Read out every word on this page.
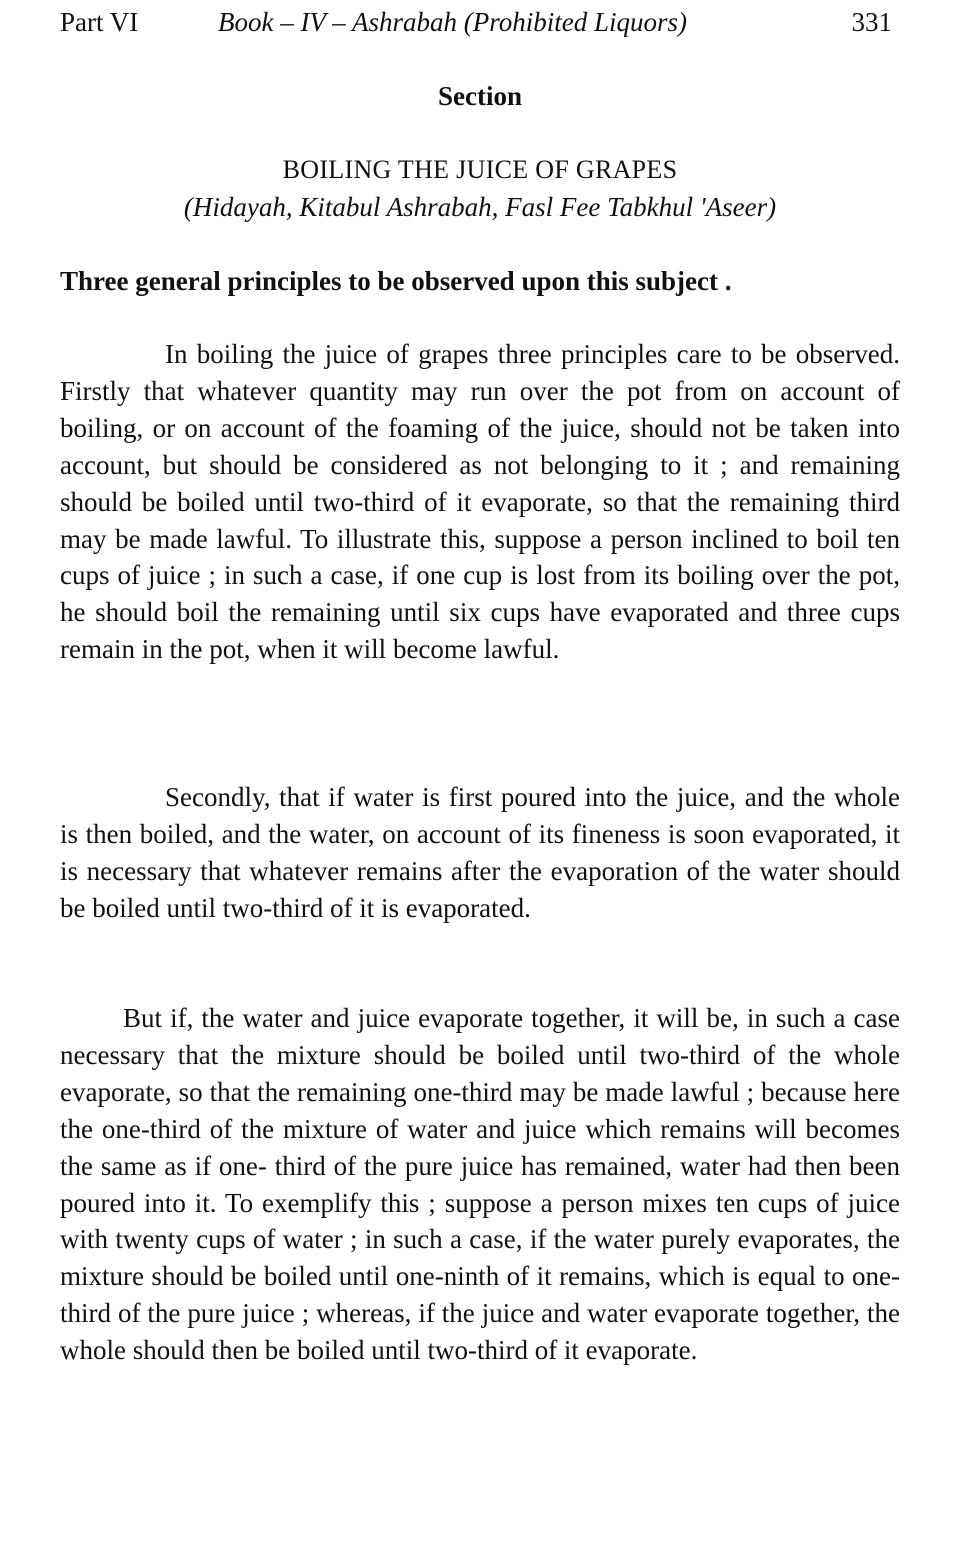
Part VI	Book – IV – Ashrabah (Prohibited Liquors)	331
Section
BOILING THE JUICE OF GRAPES
(Hidayah, Kitabul Ashrabah, Fasl Fee Tabkhul 'Aseer)
Three general principles to be observed upon this subject .

In boiling the juice of grapes three principles care to be observed. Firstly that whatever quantity may run over the pot from on account of boiling, or on account of the foaming of the juice, should not be taken into account, but should be considered as not belonging to it ; and remaining should be boiled until two-third of it evaporate, so that the remaining third may be made lawful. To illustrate this, suppose a person inclined to boil ten cups of juice ; in such a case, if one cup is lost from its boiling over the pot, he should boil the remaining until six cups have evaporated and three cups remain in the pot, when it will become lawful.

Secondly, that if water is first poured into the juice, and the whole is then boiled, and the water, on account of its fineness is soon evaporated, it is necessary that whatever remains after the evaporation of the water should be boiled until two-third of it is evaporated.

But if, the water and juice evaporate together, it will be, in such a case necessary that the mixture should be boiled until two-third of the whole evaporate, so that the remaining one-third may be made lawful ; because here the one-third of the mixture of water and juice which remains will becomes the same as if one- third of the pure juice has remained, water had then been poured into it. To exemplify this ; suppose a person mixes ten cups of juice with twenty cups of water ; in such a case, if the water purely evaporates, the mixture should be boiled until one-ninth of it remains, which is equal to one-third of the pure juice ; whereas, if the juice and water evaporate together, the whole should then be boiled until two-third of it evaporate.
